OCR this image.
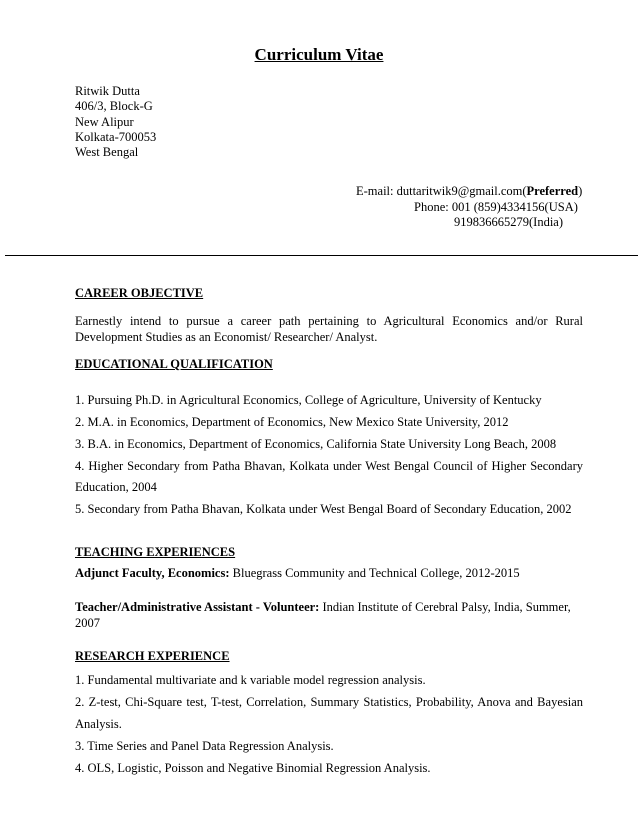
Curriculum Vitae
Ritwik Dutta
406/3, Block-G
New Alipur
Kolkata-700053
West Bengal
E-mail: duttaritwik9@gmail.com(Preferred)
Phone: 001 (859)4334156(USA)
919836665279(India)
CAREER OBJECTIVE
Earnestly intend to pursue a career path pertaining to Agricultural Economics and/or Rural Development Studies as an Economist/ Researcher/ Analyst.
EDUCATIONAL QUALIFICATION
1. Pursuing Ph.D. in Agricultural Economics, College of Agriculture, University of Kentucky
2. M.A. in Economics, Department of Economics, New Mexico State University, 2012
3. B.A. in Economics, Department of Economics, California State University Long Beach, 2008
4. Higher Secondary from Patha Bhavan, Kolkata under West Bengal Council of Higher Secondary
Education, 2004
5. Secondary from Patha Bhavan, Kolkata under West Bengal Board of Secondary Education, 2002
TEACHING EXPERIENCES
Adjunct Faculty, Economics: Bluegrass Community and Technical College, 2012-2015
Teacher/Administrative Assistant - Volunteer: Indian Institute of Cerebral Palsy, India, Summer, 2007
RESEARCH EXPERIENCE
1. Fundamental multivariate and k variable model regression analysis.
2. Z-test, Chi-Square test, T-test, Correlation, Summary Statistics, Probability, Anova and Bayesian
Analysis.
3. Time Series and Panel Data Regression Analysis.
4. OLS, Logistic, Poisson and Negative Binomial Regression Analysis.
